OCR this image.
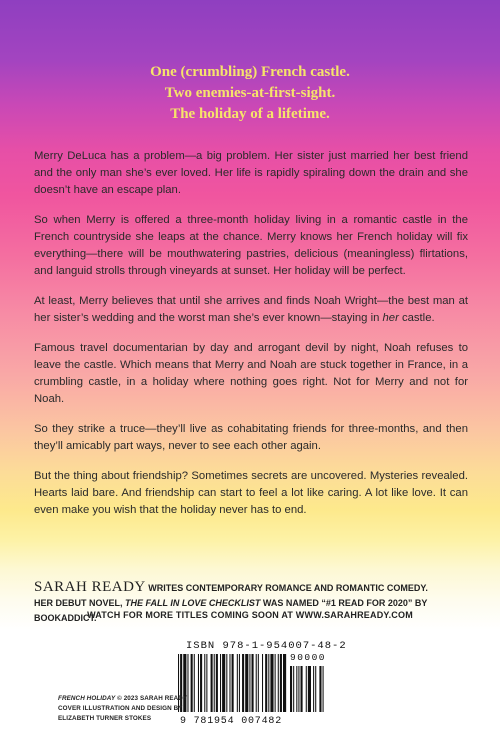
One (crumbling) French castle.
Two enemies-at-first-sight.
The holiday of a lifetime.

Merry DeLuca has a problem—a big problem. Her sister just married her best friend and the only man she’s ever loved. Her life is rapidly spiraling down the drain and she doesn’t have an escape plan.

So when Merry is offered a three-month holiday living in a romantic castle in the French countryside she leaps at the chance. Merry knows her French holiday will fix everything—there will be mouthwatering pastries, delicious (meaningless) flirtations, and languid strolls through vineyards at sunset. Her holiday will be perfect.

At least, Merry believes that until she arrives and finds Noah Wright—the best man at her sister’s wedding and the worst man she’s ever known—staying in her castle.

Famous travel documentarian by day and arrogant devil by night, Noah refuses to leave the castle. Which means that Merry and Noah are stuck together in France, in a crumbling castle, in a holiday where nothing goes right. Not for Merry and not for Noah.

So they strike a truce—they’ll live as cohabitating friends for three-months, and then they’ll amicably part ways, never to see each other again.

But the thing about friendship? Sometimes secrets are uncovered. Mysteries revealed. Hearts laid bare. And friendship can start to feel a lot like caring. A lot like love. It can even make you wish that the holiday never has to end.

SARAH READY WRITES CONTEMPORARY ROMANCE AND ROMANTIC COMEDY.
HER DEBUT NOVEL, THE FALL IN LOVE CHECKLIST WAS NAMED “#1 READ FOR 2020” BY BOOKADDICT.
WATCH FOR MORE TITLES COMING SOON AT WWW.SARAHREADY.COM
ISBN 978-1-954007-48-2
90000
9 781954 007482
FRENCH HOLIDAY © 2023 SARAH READY
COVER ILLUSTRATION AND DESIGN BY
ELIZABETH TURNER STOKES
